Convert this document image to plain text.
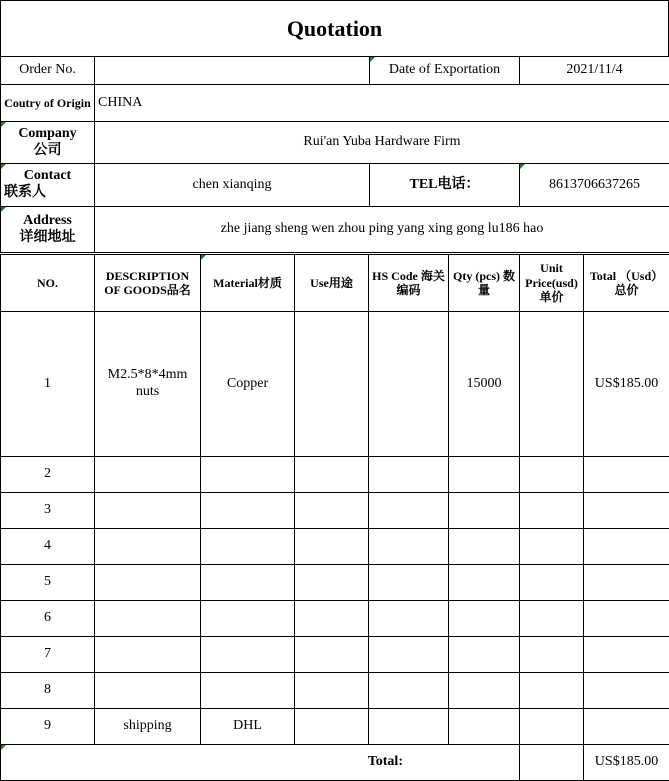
Quotation
Order No.		Date of Exportation	2021/11/4
Coutry of Origin	CHINA		

Company
公司	Rui'an Yuba Hardware Firm		

Contact
联系人	chen xianqing	TEL电话：	8613706637265

Address
详细地址	zhe jiang sheng wen zhou ping yang xing gong lu186 hao		
NO.	DESCRIPTION OF GOODS品名	Material材质	Use用途	HS Code 海关编码	Qty (pcs) 数量	Unit Price(usd) 单价	Total （Usd）总价
1	M2.5*8*4mm nuts	Copper			15000		US$185.00
2							
3							
4							
5							
6							
7							
8							
9	shipping	DHL					
Total:							US$185.00
